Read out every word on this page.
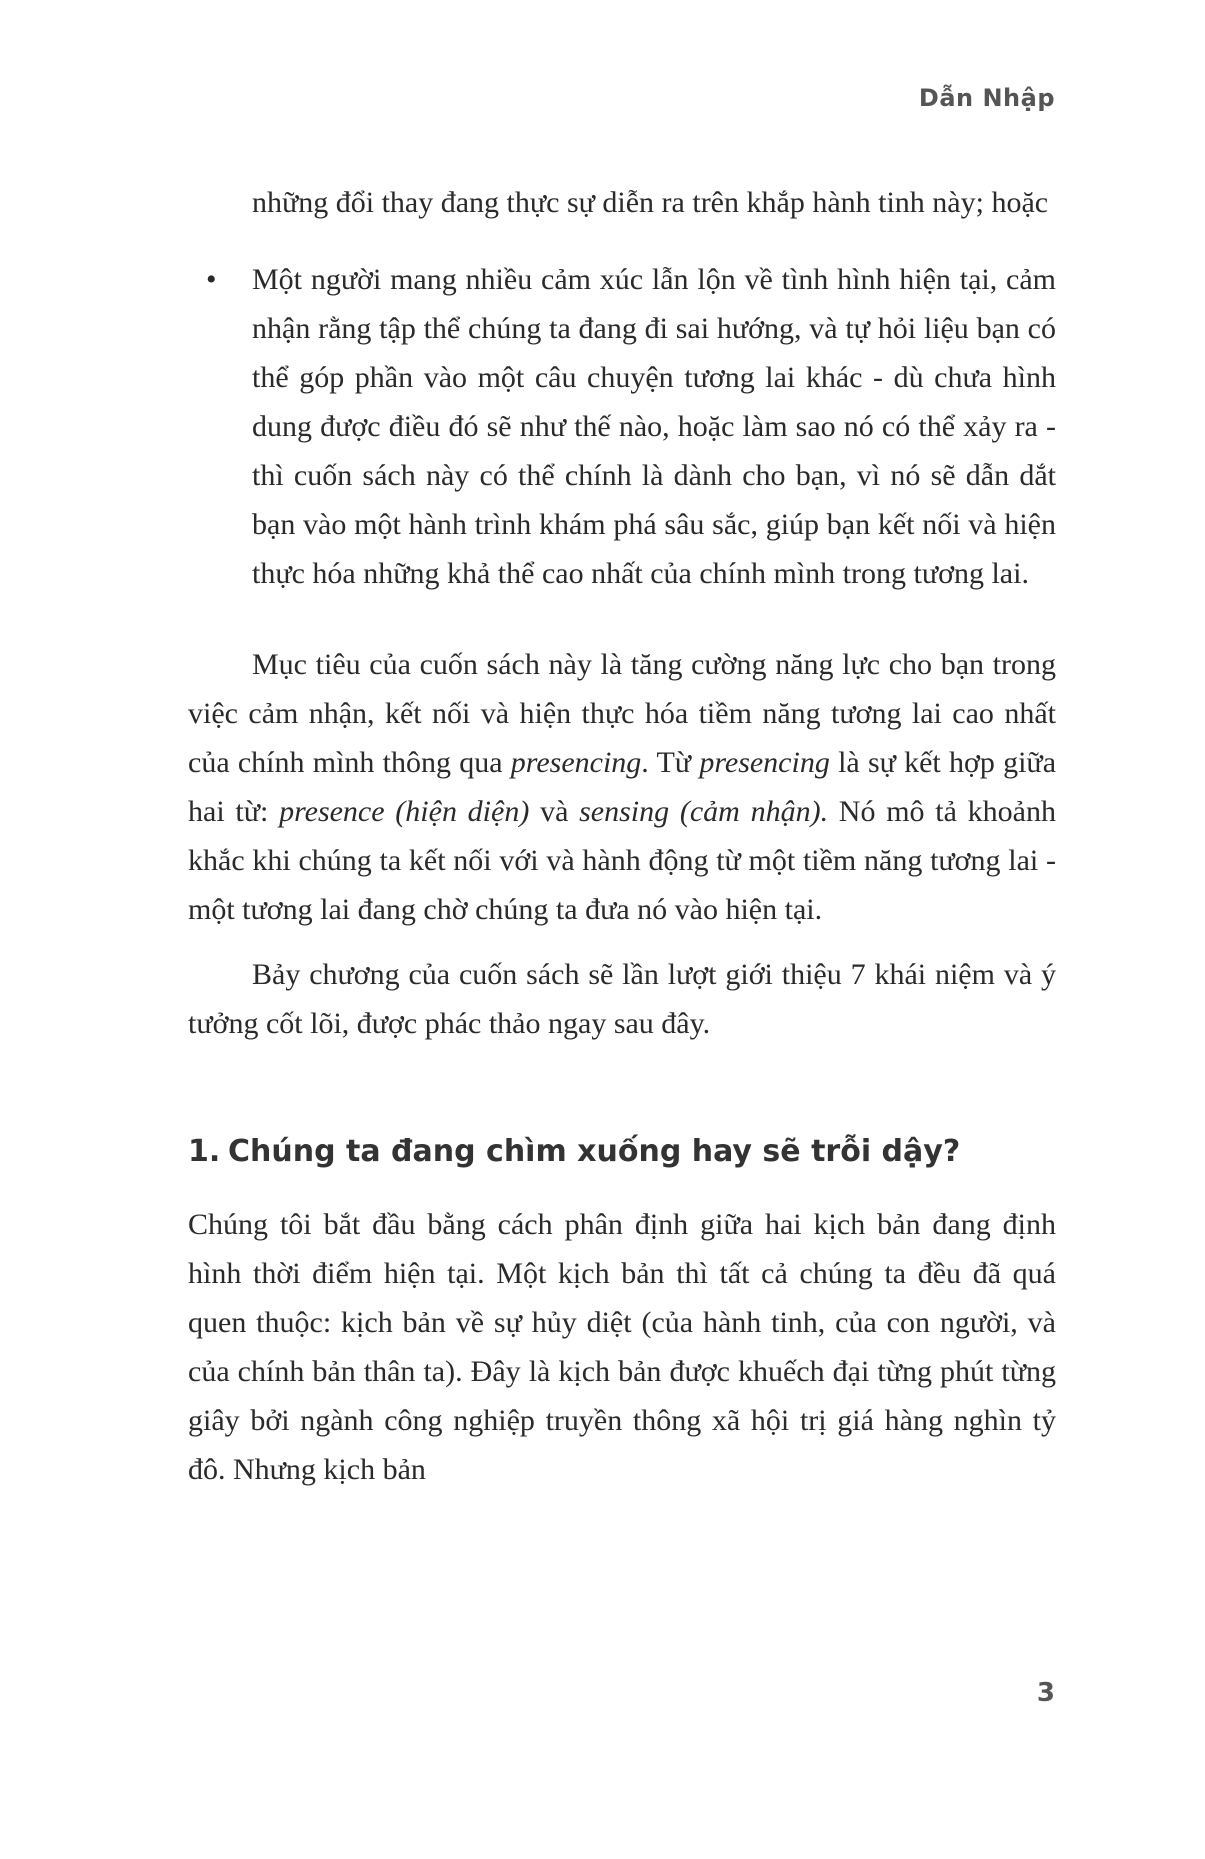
Dẫn Nhập

những đổi thay đang thực sự diễn ra trên khắp hành tinh này; hoặc

• Một người mang nhiều cảm xúc lẫn lộn về tình hình hiện tại, cảm nhận rằng tập thể chúng ta đang đi sai hướng, và tự hỏi liệu bạn có thể góp phần vào một câu chuyện tương lai khác - dù chưa hình dung được điều đó sẽ như thế nào, hoặc làm sao nó có thể xảy ra - thì cuốn sách này có thể chính là dành cho bạn, vì nó sẽ dẫn dắt bạn vào một hành trình khám phá sâu sắc, giúp bạn kết nối và hiện thực hóa những khả thể cao nhất của chính mình trong tương lai.

Mục tiêu của cuốn sách này là tăng cường năng lực cho bạn trong việc cảm nhận, kết nối và hiện thực hóa tiềm năng tương lai cao nhất của chính mình thông qua presencing. Từ presencing là sự kết hợp giữa hai từ: presence (hiện diện) và sensing (cảm nhận). Nó mô tả khoảnh khắc khi chúng ta kết nối với và hành động từ một tiềm năng tương lai - một tương lai đang chờ chúng ta đưa nó vào hiện tại.

Bảy chương của cuốn sách sẽ lần lượt giới thiệu 7 khái niệm và ý tưởng cốt lõi, được phác thảo ngay sau đây.

1. Chúng ta đang chìm xuống hay sẽ trỗi dậy?

Chúng tôi bắt đầu bằng cách phân định giữa hai kịch bản đang định hình thời điểm hiện tại. Một kịch bản thì tất cả chúng ta đều đã quá quen thuộc: kịch bản về sự hủy diệt (của hành tinh, của con người, và của chính bản thân ta). Đây là kịch bản được khuếch đại từng phút từng giây bởi ngành công nghiệp truyền thông xã hội trị giá hàng nghìn tỷ đô. Nhưng kịch bản

3
